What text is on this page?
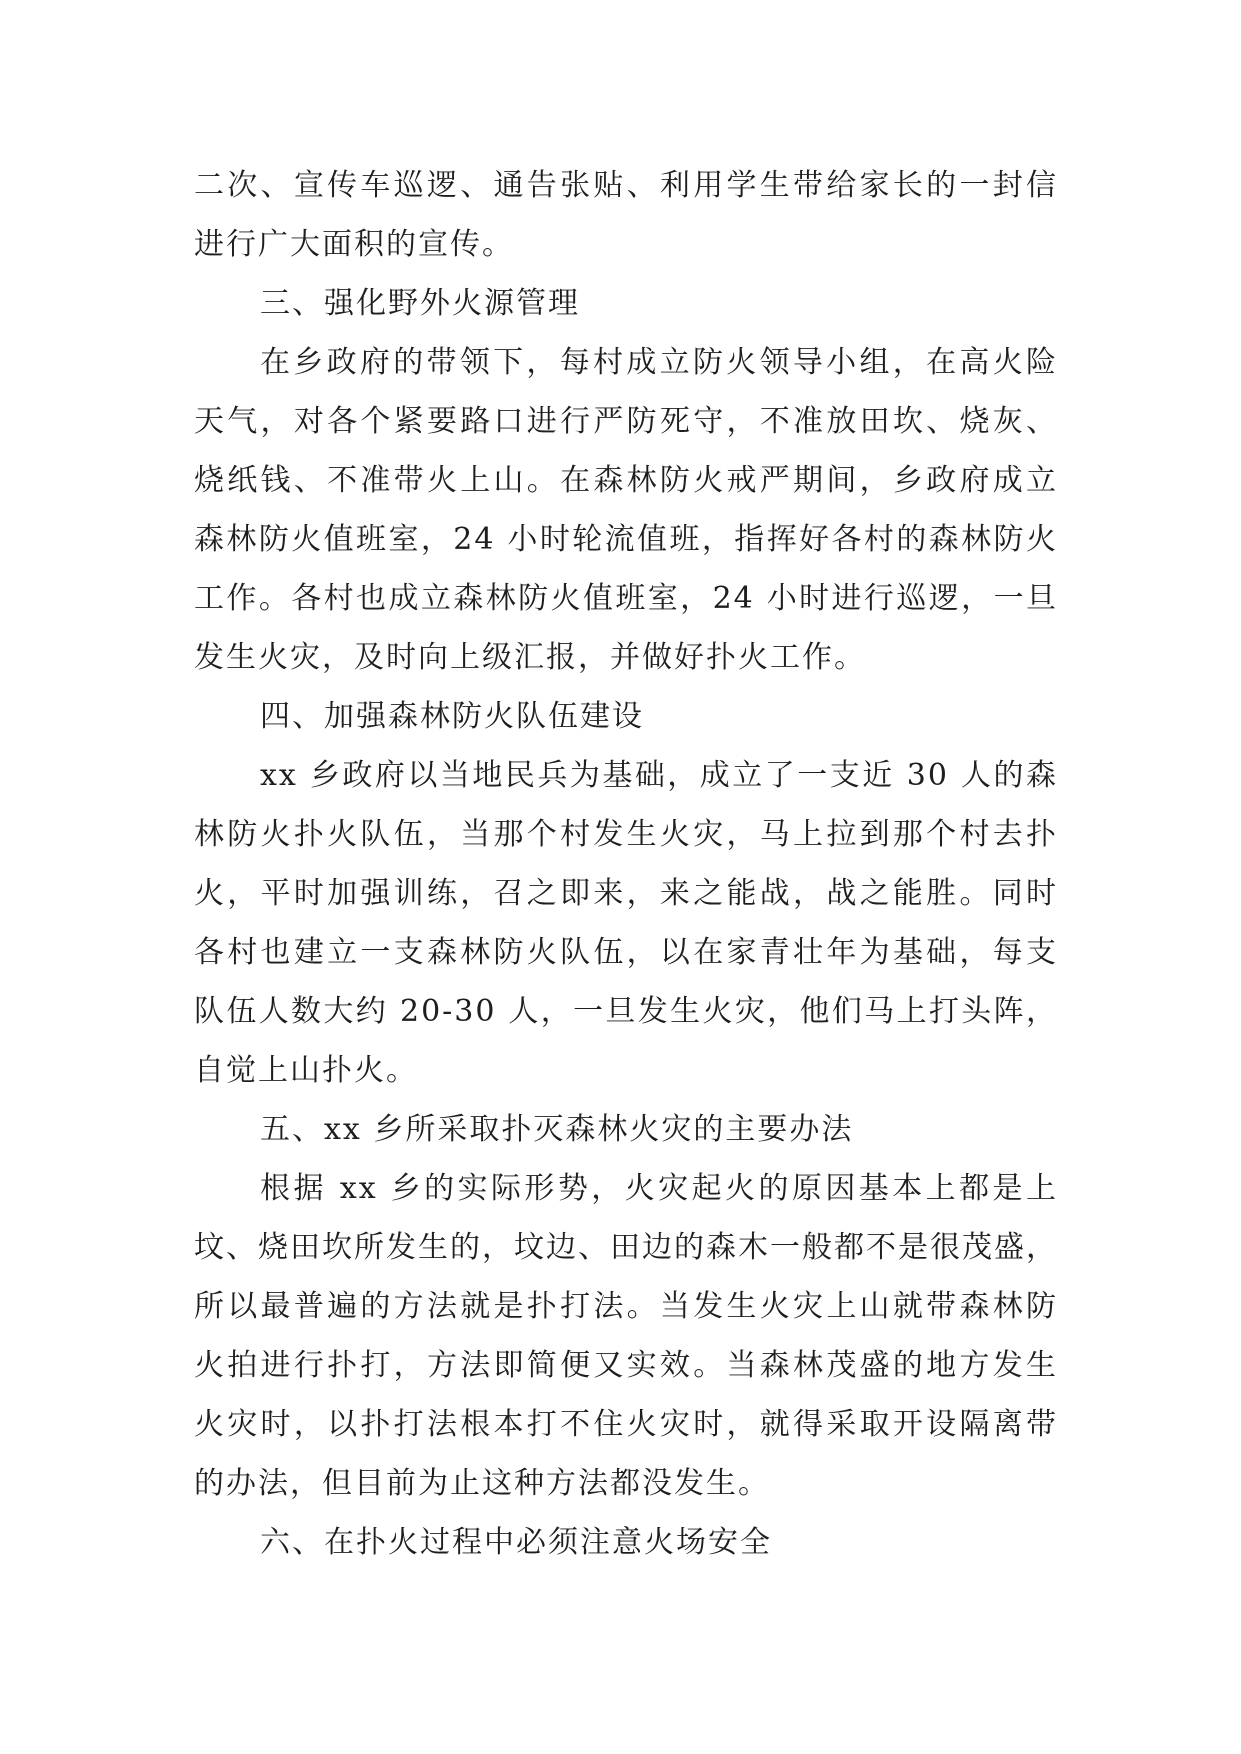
二次、宣传车巡逻、通告张贴、利用学生带给家长的一封信
进行广大面积的宣传。
三、强化野外火源管理
在乡政府的带领下，每村成立防火领导小组，在高火险
天气，对各个紧要路口进行严防死守，不准放田坎、烧灰、
烧纸钱、不准带火上山。在森林防火戒严期间，乡政府成立
森林防火值班室，24 小时轮流值班，指挥好各村的森林防火
工作。各村也成立森林防火值班室，24 小时进行巡逻，一旦
发生火灾，及时向上级汇报，并做好扑火工作。
四、加强森林防火队伍建设
xx 乡政府以当地民兵为基础，成立了一支近 30 人的森
林防火扑火队伍，当那个村发生火灾，马上拉到那个村去扑
火，平时加强训练，召之即来，来之能战，战之能胜。同时
各村也建立一支森林防火队伍，以在家青壮年为基础，每支
队伍人数大约 20-30 人，一旦发生火灾，他们马上打头阵，
自觉上山扑火。
五、xx 乡所采取扑灭森林火灾的主要办法
根据 xx 乡的实际形势，火灾起火的原因基本上都是上
坟、烧田坎所发生的，坟边、田边的森木一般都不是很茂盛，
所以最普遍的方法就是扑打法。当发生火灾上山就带森林防
火拍进行扑打，方法即简便又实效。当森林茂盛的地方发生
火灾时，以扑打法根本打不住火灾时，就得采取开设隔离带
的办法，但目前为止这种方法都没发生。
六、在扑火过程中必须注意火场安全
